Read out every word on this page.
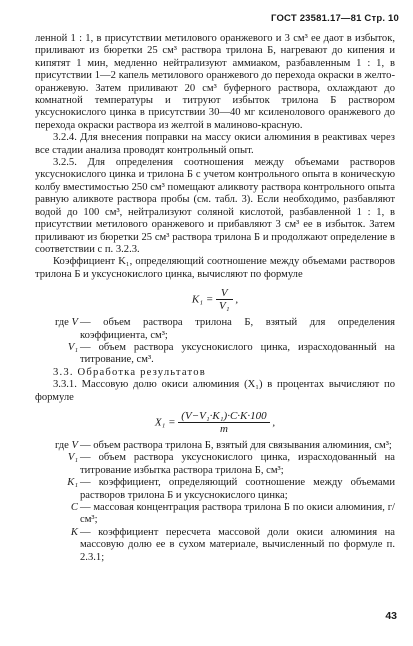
ГОСТ 23581.17—81 Стр. 10

ленной 1 : 1, в присутствии метилового оранжевого и 3 см³ ее даот в избыток, приливают из бюретки 25 см³ раствора трилона Б, нагревают до кипения и кипятят 1 мин, медленно нейтрализуют аммиаком, разбавленным 1 : 1, в присутствии 1—2 капель метилового оранжевого до перехода окраски в желто-оранжевую. Затем приливают 20 см³ буферного раствора, охлаждают до комнатной температуры и титруют избыток трилона Б раствором уксуснокислого цинка в присутствии 30—40 мг ксиленолового оранжевого до перехода окраски раствора из желтой в малиново-красную.

3.2.4. Для внесения поправки на массу окиси алюминия в реактивах через все стадии анализа проводят контрольный опыт.

3.2.5. Для определения соотношения между объемами растворов уксуснокислого цинка и трилона Б с учетом контрольного опыта в коническую колбу вместимостью 250 см³ помещают аликвоту раствора контрольного опыта равную аликвоте раствора пробы (см. табл. 3). Если необходимо, разбавляют водой до 100 см³, нейтрализуют соляной кислотой, разбавленной 1 : 1, в присутствии метилового оранжевого и прибавляют 3 см³ ее в избыток. Затем приливают из бюретки 25 см³ раствора трилона Б и продолжают определение в соответствии с п. 3.2.3.

Коэффициент K₁, определяющий соотношение между объемами растворов трилона Б и уксуснокислого цинка, вычисляют по формуле

$K_1 = \frac{V}{\text{V₁}}$ ,
где V — объем раствора трилона Б, взятый для определения коэффициента, см³;
V₁ — объем раствора уксуснокислого цинка, израсходованный на титрование, см³.

3.3. Обработка результатов

3.3.1. Массовую долю окиси алюминия (X₁) в процентах вычисляют по формуле

$X_1 = \frac{\text{(V−V₁·K₁)·C·K·100}}{m}$ ,
где V — объем раствора трилона Б, взятый для связывания алюминия, см³;
V₁ — объем раствора уксуснокислого цинка, израсходованный на титрование избытка раствора трилона Б, см³;
K₁ — коэффициент, определяющий соотношение между объемами растворов трилона Б и уксуснокислого цинка;
C — массовая концентрация раствора трилона Б по окиси алюминия, г/см³;
K — коэффициент пересчета массовой доли окиси алюминия на массовую долю ее в сухом материале, вычисленный по формуле п. 2.3.1;
43
